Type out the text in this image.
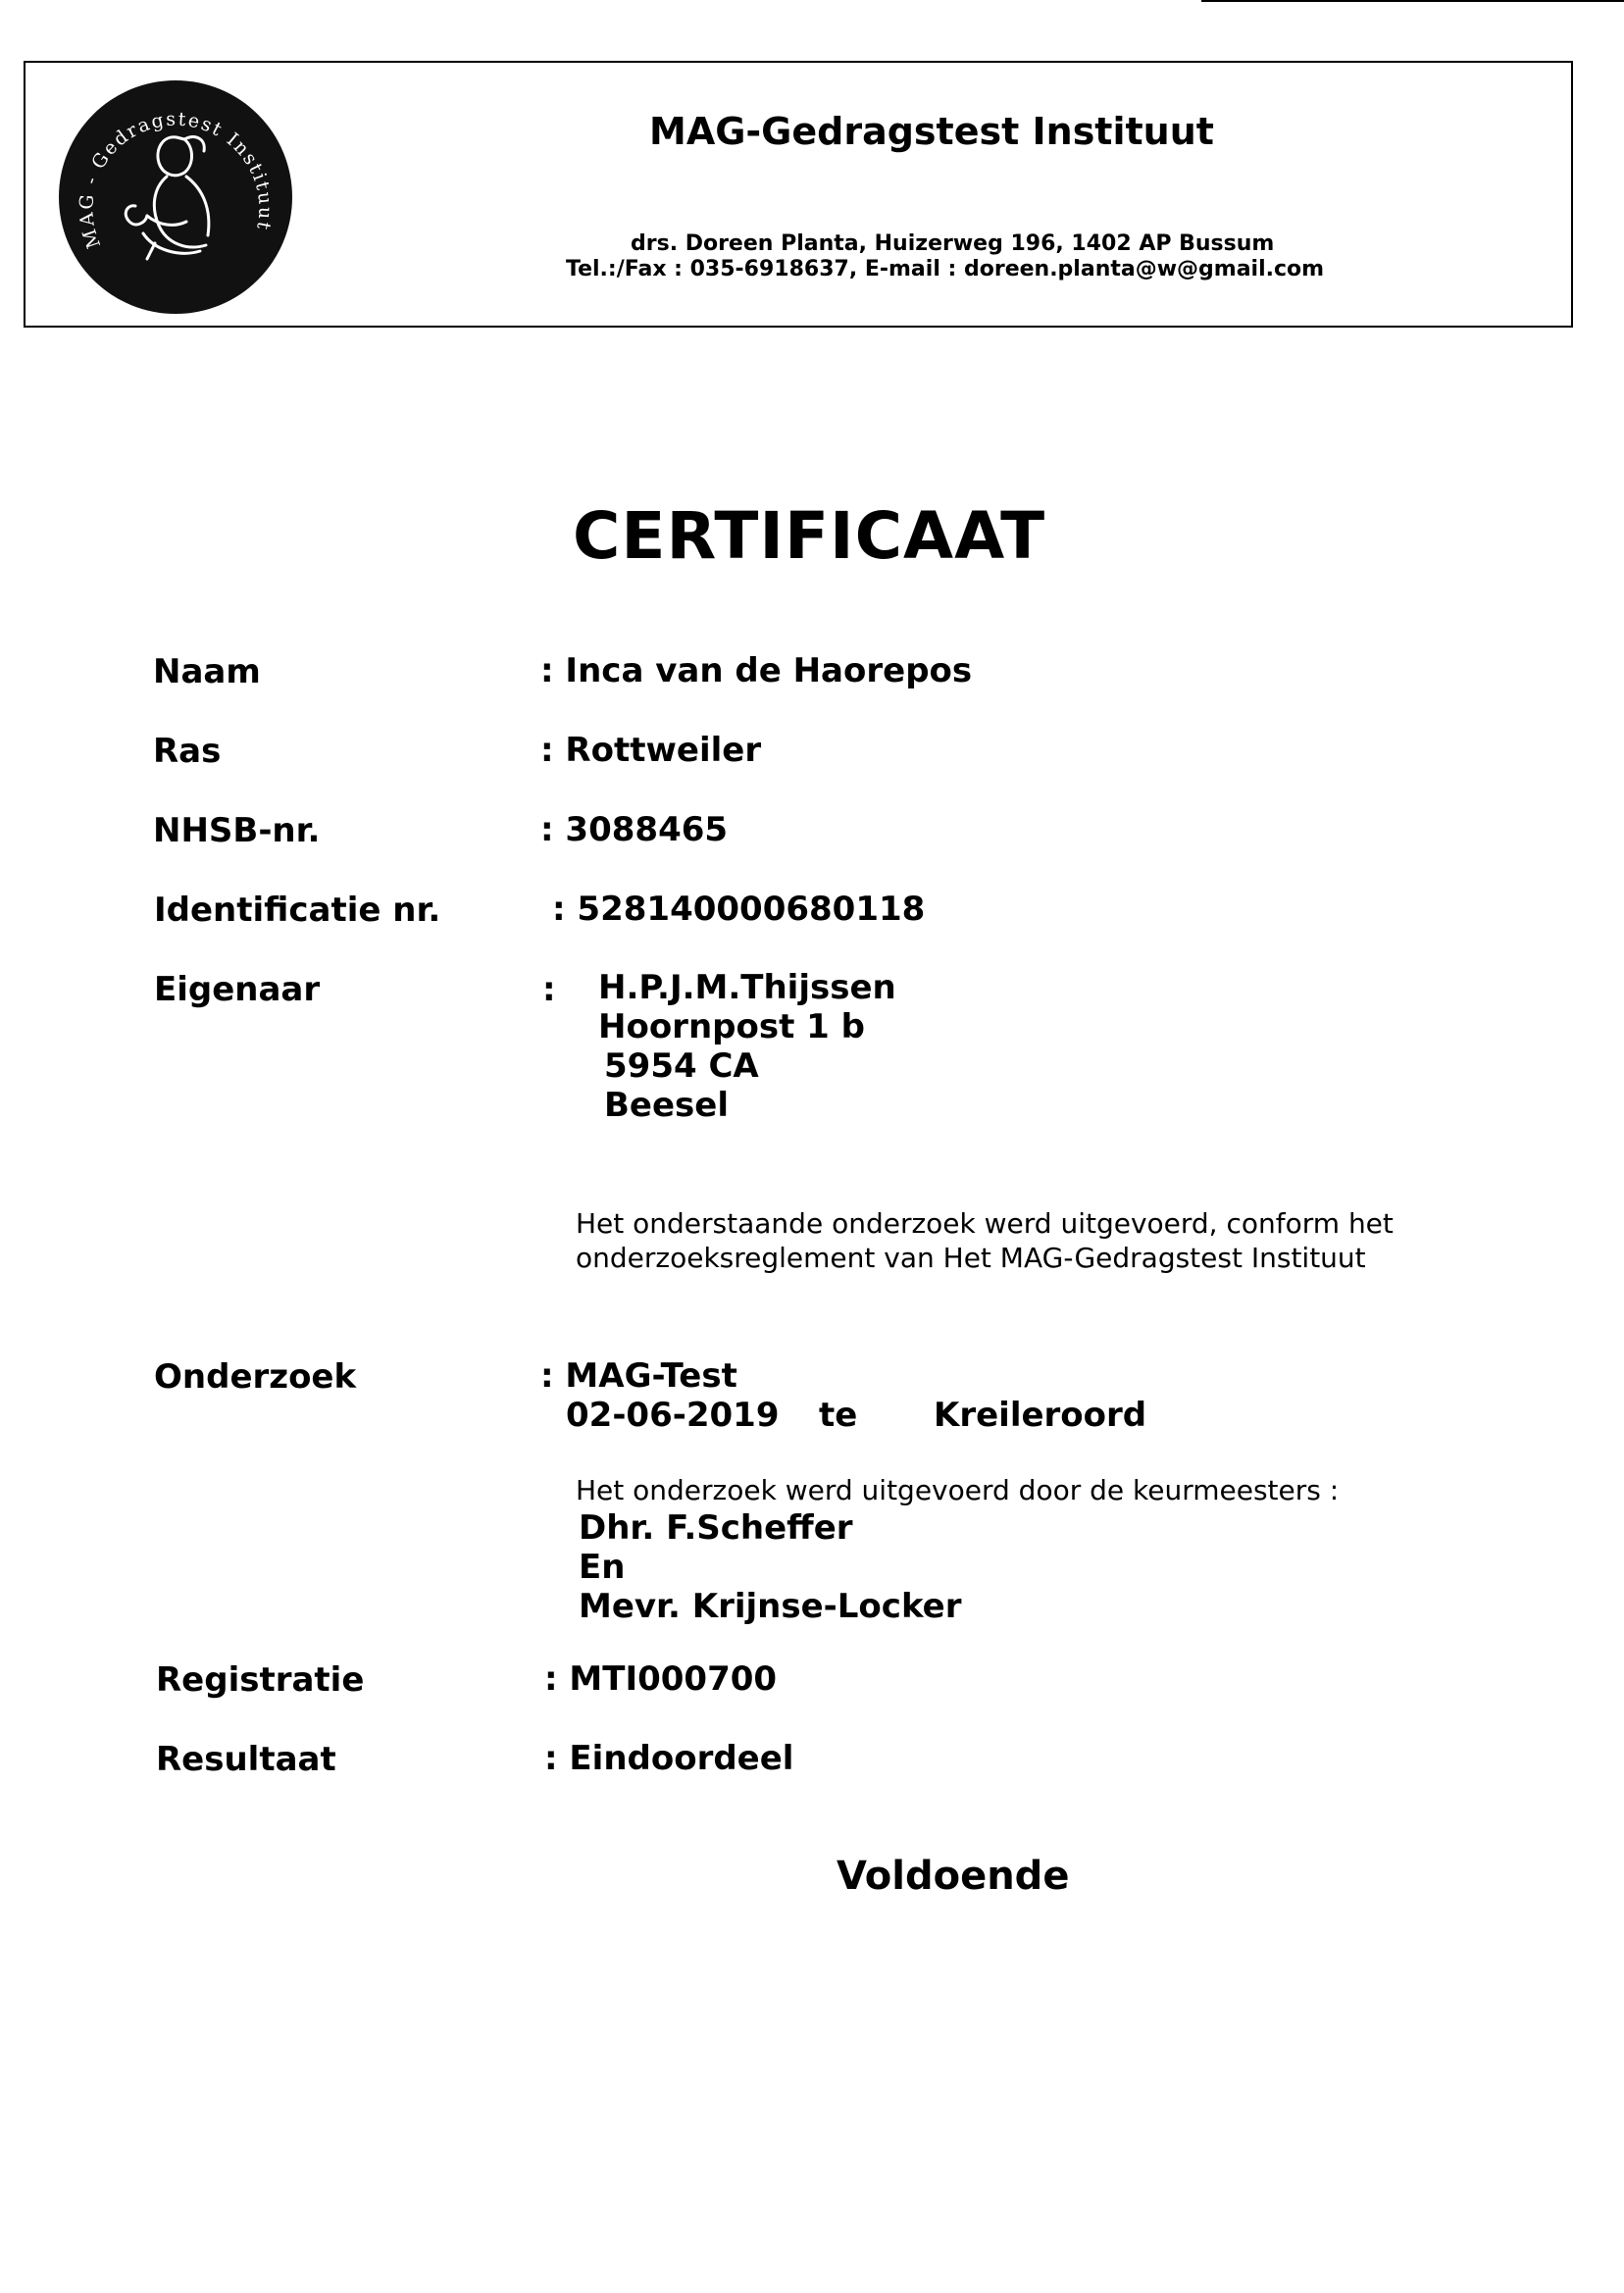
MAG - Gedragstest Instituut
MAG-Gedragstest Instituut
drs. Doreen Planta, Huizerweg 196, 1402 AP Bussum
Tel.:/Fax : 035-6918637, E-mail : doreen.planta@w@gmail.com
CERTIFICAAT
Naam	: Inca van de Haorepos
Ras	: Rottweiler
NHSB-nr.	: 3088465
Identificatie nr.	: 528140000680118
Eigenaar	: H.P.J.M.Thijssen
Hoornpost 1 b
5954 CA
Beesel
Het onderstaande onderzoek werd uitgevoerd, conform het
onderzoeksreglement van Het MAG-Gedragstest Instituut
Onderzoek	: MAG-Test
02-06-2019 te Kreileroord
Het onderzoek werd uitgevoerd door de keurmeesters :
Dhr. F.Scheffer
En
Mevr. Krijnse-Locker
Registratie	: MTI000700
Resultaat	: Eindoordeel
Voldoende
